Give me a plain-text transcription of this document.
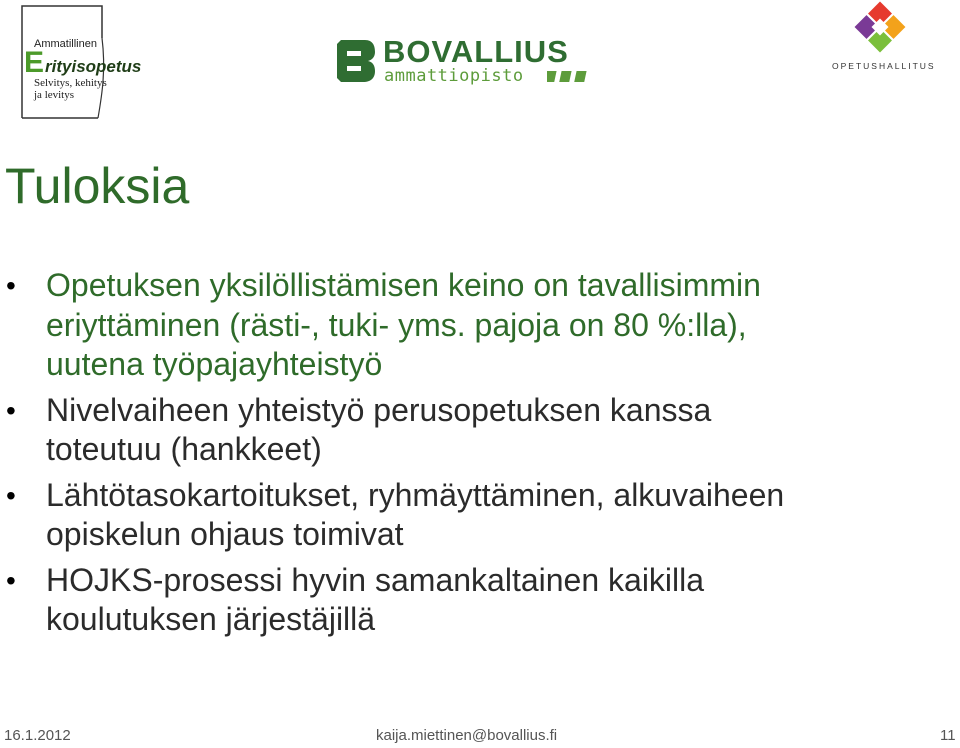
Ammatillinen
E rityisopetus
Selvitys, kehitys
ja levitys
BOVALLIUS
ammattiopisto	OPETUSHALLITUS
Tuloksia
• Opetuksen yksilöllistämisen keino on tavallisimmin
eriyttäminen (rästi-, tuki- yms. pajoja on 80 %:lla),
uutena työpajayhteistyö
• Nivelvaiheen yhteistyö perusopetuksen kanssa
toteutuu (hankkeet)
• Lähtötasokartoitukset, ryhmäyttäminen, alkuvaiheen
opiskelun ohjaus toimivat
• HOJKS-prosessi hyvin samankaltainen kaikilla
koulutuksen järjestäjillä
16.1.2012	kaija.miettinen@bovallius.fi	11
